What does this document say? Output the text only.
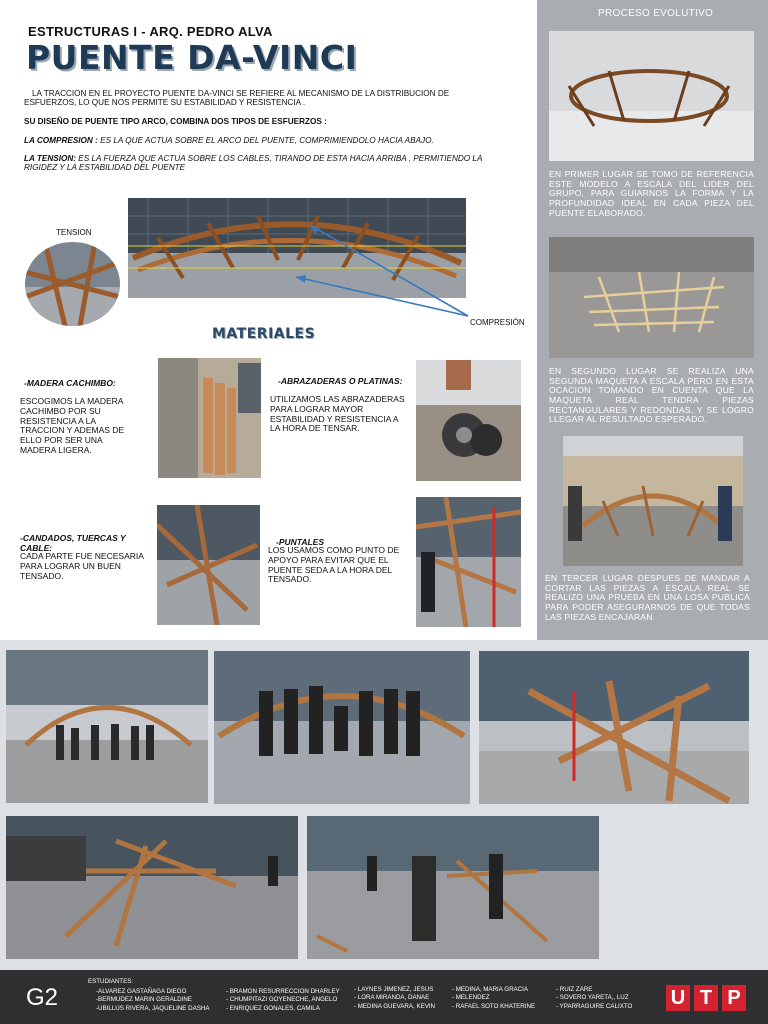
ESTRUCTURAS I - ARQ. PEDRO ALVA
PUENTE DA-VINCI
LA TRACCION EN EL PROYECTO PUENTE DA-VINCI SE REFIERE AL MECANISMO DE LA DISTRIBUCION DE ESFUERZOS, LO QUE NOS PERMITE SU ESTABILIDAD Y RESISTENCIA .
SU DISEÑO DE PUENTE TIPO ARCO, COMBINA DOS TIPOS DE ESFUERZOS :
LA COMPRESION : ES LA QUE ACTUA SOBRE EL ARCO DEL PUENTE, COMPRIMIENDOLO HACIA ABAJO.
LA TENSION: ES LA FUERZA QUE ACTUA SOBRE LOS CABLES, TIRANDO DE ESTA HACIA ARRIBA , PERMITIENDO LA RIGIDEZ Y LA ESTABILIDAD DEL PUENTE
TENSION
COMPRESIÓN
MATERIALES
-MADERA CACHIMBO:
ESCOGIMOS LA MADERA CACHIMBO POR SU RESISTENCIA A LA TRACCION Y ADEMAS DE ELLO POR SER UNA MADERA LIGERA.
-ABRAZADERAS O PLATINAS:
UTILIZAMOS LAS ABRAZADERAS PARA LOGRAR MAYOR ESTABILIDAD Y RESISTENCIA A LA HORA DE TENSAR.
-CANDADOS, TUERCAS Y CABLE:
CADA PARTE FUE NECESARIA PARA LOGRAR UN BUEN TENSADO.
-PUNTALES
LOS USAMOS COMO PUNTO DE APOYO PARA EVITAR QUE EL PUENTE SEDA A LA HORA DEL TENSADO.
PROCESO EVOLUTIVO
EN PRIMER LUGAR SE TOMO DE REFERENCIA ESTE MODELO A ESCALA DEL LIDER DEL GRUPO, PARA GUIARNOS LA FORMA Y LA PROFUNDIDAD IDEAL EN CADA PIEZA DEL PUENTE ELABORADO.
EN SEGUNDO LUGAR SE REALIZA UNA SEGUNDA MAQUETA A ESCALA PERO EN ESTA OCACION TOMANDO EN CUENTA QUE LA MAQUETA REAL TENDRA PIEZAS RECTANGULARES Y REDONDAS, Y SE LOGRO LLEGAR AL RESULTADO ESPERADO.
EN TERCER LUGAR DESPUES DE MANDAR A CORTAR LAS PIEZAS A ESCALA REAL SE REALIZO UNA PRUEBA EN UNA LOSA PUBLICA PARA PODER ASEGURARNOS DE QUE TODAS LAS PIEZAS ENCAJARAN.
G2
ESTUDIANTES:
-ALVAREZ GASTAÑAGA DIEGO
-BERMUDEZ MARIN GERALDINE
-UBILLUS RIVERA, JAQUELINE DASHA
- BRAMON RESURRECCION DHARLEY
- CHUMPITAZI GOYENECHE, ANGELO
- ENRIQUEZ GONALES, CAMILA
- LAYNES JIMENEZ, JESUS
- LORA MIRANDA, DANAE
- MEDINA GUEVARA, KEVIN
- MEDINA, MARIA GRACIA
- MELENDEZ
- RAFAEL SOTO KHATERINE
- RUIZ ZARE
- SOVERO YARETA,, LUZ
- YPARRAGUIRE CALIXTO U T P
